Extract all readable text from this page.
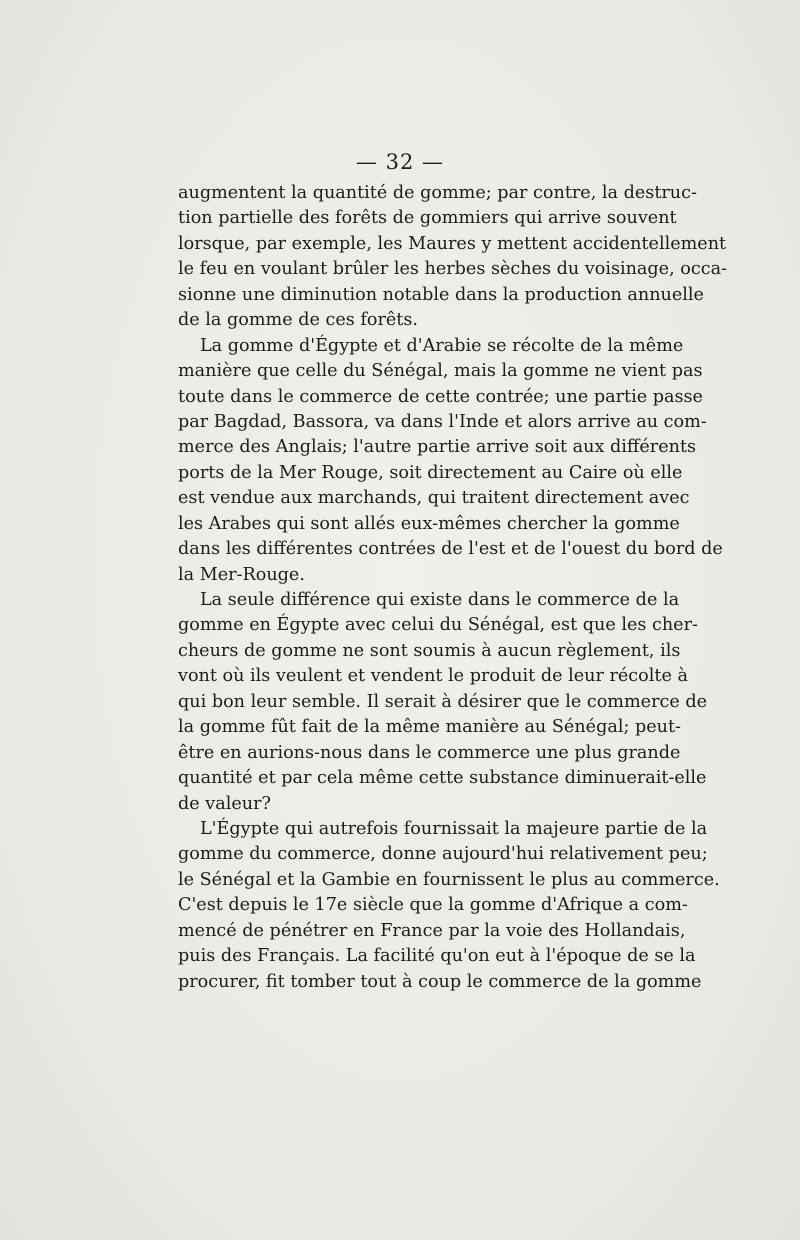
— 32 —
augmentent la quantité de gomme; par contre, la destruc-
tion partielle des forêts de gommiers qui arrive souvent
lorsque, par exemple, les Maures y mettent accidentellement
le feu en voulant brûler les herbes sèches du voisinage, occa-
sionne une diminution notable dans la production annuelle
de la gomme de ces forêts.
La gomme d'Égypte et d'Arabie se récolte de la même
manière que celle du Sénégal, mais la gomme ne vient pas
toute dans le commerce de cette contrée; une partie passe
par Bagdad, Bassora, va dans l'Inde et alors arrive au com-
merce des Anglais; l'autre partie arrive soit aux différents
ports de la Mer Rouge, soit directement au Caire où elle
est vendue aux marchands, qui traitent directement avec
les Arabes qui sont allés eux-mêmes chercher la gomme
dans les différentes contrées de l'est et de l'ouest du bord de
la Mer-Rouge.
La seule différence qui existe dans le commerce de la
gomme en Égypte avec celui du Sénégal, est que les cher-
cheurs de gomme ne sont soumis à aucun règlement, ils
vont où ils veulent et vendent le produit de leur récolte à
qui bon leur semble. Il serait à désirer que le commerce de
la gomme fût fait de la même manière au Sénégal; peut-
être en aurions-nous dans le commerce une plus grande
quantité et par cela même cette substance diminuerait-elle
de valeur?
L'Égypte qui autrefois fournissait la majeure partie de la
gomme du commerce, donne aujourd'hui relativement peu;
le Sénégal et la Gambie en fournissent le plus au commerce.
C'est depuis le 17e siècle que la gomme d'Afrique a com-
mencé de pénétrer en France par la voie des Hollandais,
puis des Français. La facilité qu'on eut à l'époque de se la
procurer, fit tomber tout à coup le commerce de la gomme
